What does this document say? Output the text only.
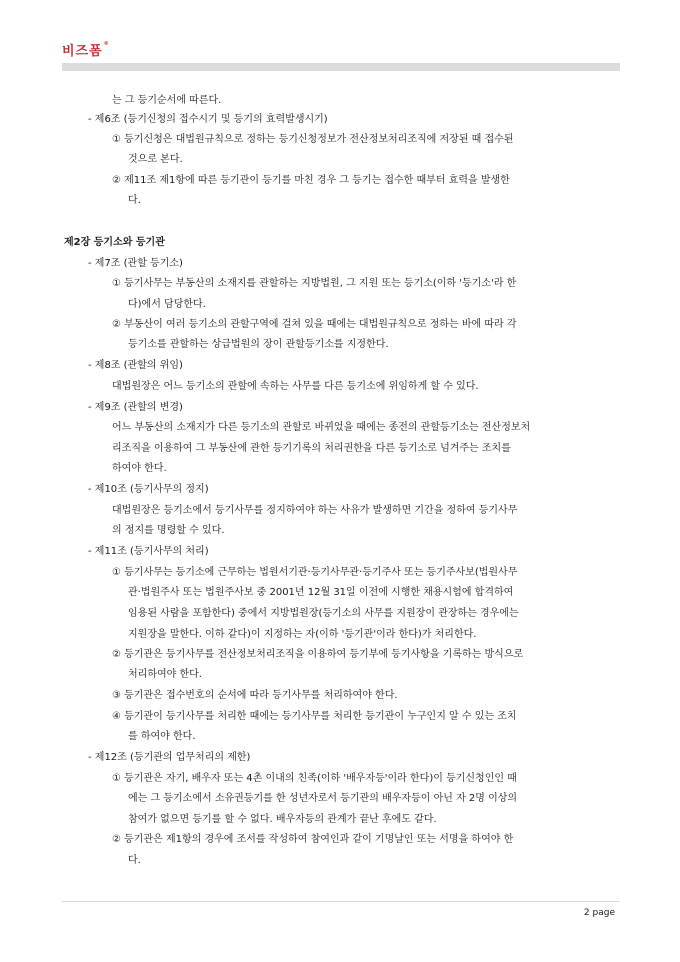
비즈폼®
는 그 등기순서에 따른다.
- 제6조 (등기신청의 접수시기 및 등기의 효력발생시기)
① 등기신청은 대법원규칙으로 정하는 등기신청정보가 전산정보처리조직에 저장된 때 접수된
것으로 본다.
② 제11조 제1항에 따른 등기관이 등기를 마친 경우 그 등기는 접수한 때부터 효력을 발생한
다.
제2장 등기소와 등기관
- 제7조 (관할 등기소)
① 등기사무는 부동산의 소재지를 관할하는 지방법원, 그 지원 또는 등기소(이하 '등기소'라 한
다)에서 담당한다.
② 부동산이 여러 등기소의 관할구역에 걸쳐 있을 때에는 대법원규칙으로 정하는 바에 따라 각
등기소를 관할하는 상급법원의 장이 관할등기소를 지정한다.
- 제8조 (관할의 위임)
대법원장은 어느 등기소의 관할에 속하는 사무를 다른 등기소에 위임하게 할 수 있다.
- 제9조 (관할의 변경)
어느 부동산의 소재지가 다른 등기소의 관할로 바뀌었을 때에는 종전의 관할등기소는 전산정보처
리조직을 이용하여 그 부동산에 관한 등기기록의 처리권한을 다른 등기소로 넘겨주는 조치를
하여야 한다.
- 제10조 (등기사무의 정지)
대법원장은 등기소에서 등기사무를 정지하여야 하는 사유가 발생하면 기간을 정하여 등기사무
의 정지를 명령할 수 있다.
- 제11조 (등기사무의 처리)
① 등기사무는 등기소에 근무하는 법원서기관·등기사무관·등기주사 또는 등기주사보(법원사무
관·법원주사 또는 법원주사보 중 2001년 12월 31일 이전에 시행한 채용시험에 합격하여
임용된 사람을 포함한다) 중에서 지방법원장(등기소의 사무를 지원장이 관장하는 경우에는
지원장을 말한다. 이하 같다)이 지정하는 자(이하 '등기관'이라 한다)가 처리한다.
② 등기관은 등기사무를 전산정보처리조직을 이용하여 등기부에 등기사항을 기록하는 방식으로
처리하여야 한다.
③ 등기관은 접수번호의 순서에 따라 등기사무를 처리하여야 한다.
④ 등기관이 등기사무를 처리한 때에는 등기사무를 처리한 등기관이 누구인지 알 수 있는 조치
를 하여야 한다.
- 제12조 (등기관의 업무처리의 제한)
① 등기관은 자기, 배우자 또는 4촌 이내의 친족(이하 '배우자등'이라 한다)이 등기신청인인 때
에는 그 등기소에서 소유권등기를 한 성년자로서 등기관의 배우자등이 아닌 자 2명 이상의
참여가 없으면 등기를 할 수 없다. 배우자등의 관계가 끝난 후에도 같다.
② 등기관은 제1항의 경우에 조서를 작성하여 참여인과 같이 기명날인 또는 서명을 하여야 한
다.
2 page
